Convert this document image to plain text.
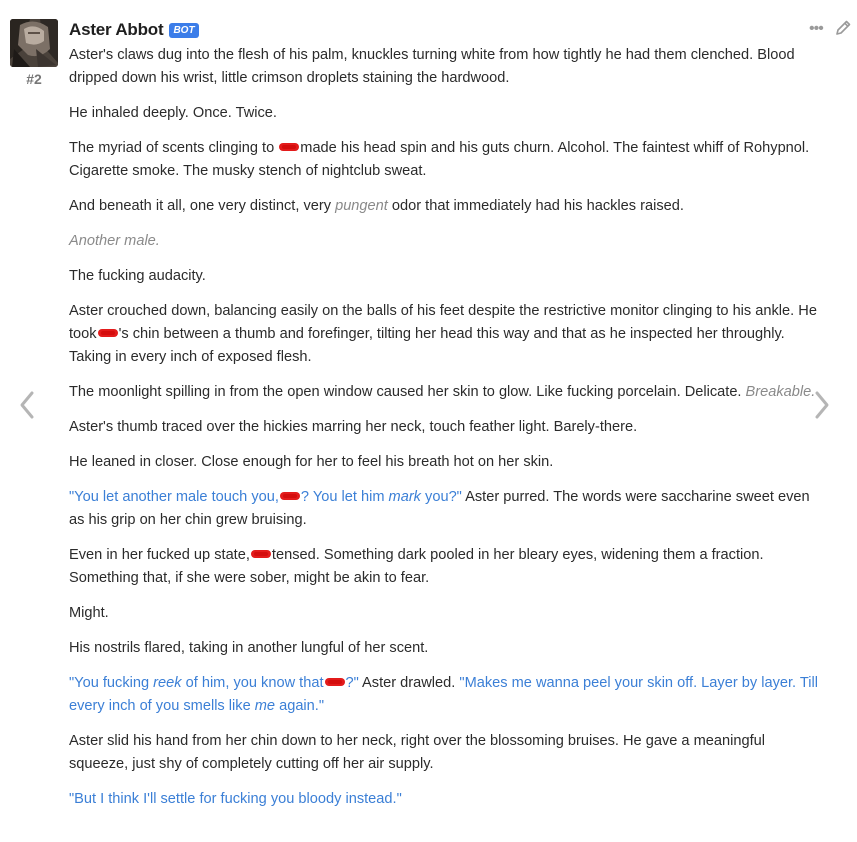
#2
Aster Abbot	BOT	•••

Aster's claws dug into the flesh of his palm, knuckles turning white from how tightly he had them clenched. Blood dripped down his wrist, little crimson droplets staining the hardwood.

He inhaled deeply. Once. Twice.

The myriad of scents clinging to made his head spin and his guts churn. Alcohol. The faintest whiff of Rohypnol. Cigarette smoke. The musky stench of nightclub sweat.

And beneath it all, one very distinct, very pungent odor that immediately had his hackles raised.

Another male.

The fucking audacity.

Aster crouched down, balancing easily on the balls of his feet despite the restrictive monitor clinging to his ankle. He took 's chin between a thumb and forefinger, tilting her head this way and that as he inspected her throughly. Taking in every inch of exposed flesh.

The moonlight spilling in from the open window caused her skin to glow. Like fucking porcelain. Delicate. Breakable.

Aster's thumb traced over the hickies marring her neck, touch feather light. Barely-there.

He leaned in closer. Close enough for her to feel his breath hot on her skin.

"You let another male touch you, ? You let him mark you?" Aster purred. The words were saccharine sweet even as his grip on her chin grew bruising.

Even in her fucked up state, tensed. Something dark pooled in her bleary eyes, widening them a fraction. Something that, if she were sober, might be akin to fear.

Might.

His nostrils flared, taking in another lungful of her scent.

"You fucking reek of him, you know that ?" Aster drawled. "Makes me wanna peel your skin off. Layer by layer. Till every inch of you smells like me again."

Aster slid his hand from her chin down to her neck, right over the blossoming bruises. He gave a meaningful squeeze, just shy of completely cutting off her air supply.

"But I think I'll settle for fucking you bloody instead."
